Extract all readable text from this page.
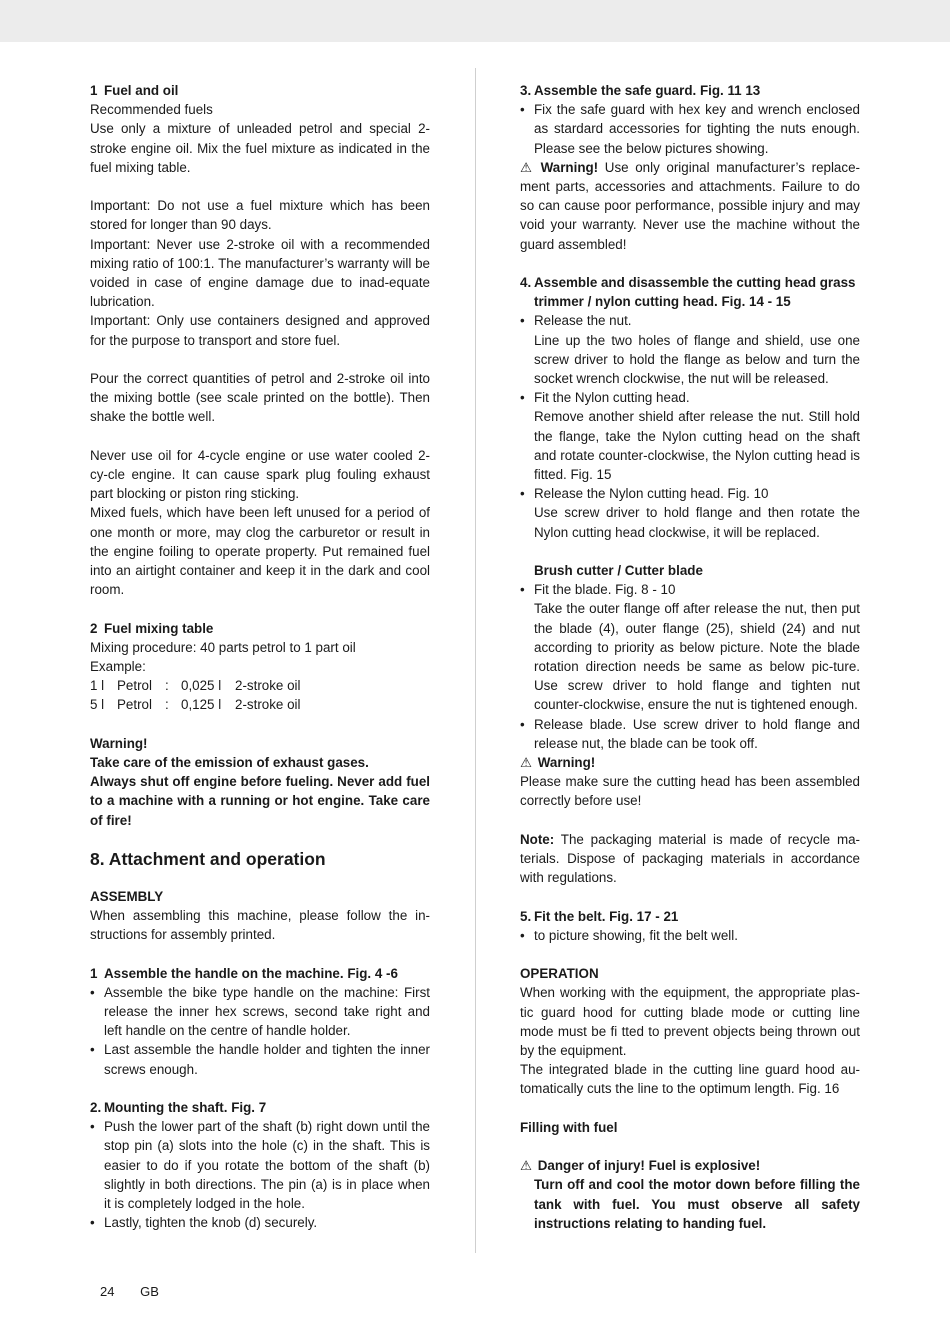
1 Fuel and oil

Recommended fuels

Use only a mixture of unleaded petrol and special 2-stroke engine oil. Mix the fuel mixture as indicated in the fuel mixing table.

Important: Do not use a fuel mixture which has been stored for longer than 90 days.

Important: Never use 2-stroke oil with a recommended mixing ratio of 100:1. The manufacturer’s warranty will be voided in case of engine damage due to inad-equate lubrication.

Important: Only use containers designed and approved for the purpose to transport and store fuel.

Pour the correct quantities of petrol and 2-stroke oil into the mixing bottle (see scale printed on the bottle). Then shake the bottle well.

Never use oil for 4-cycle engine or use water cooled 2-cy-cle engine. It can cause spark plug fouling exhaust part blocking or piston ring sticking.

Mixed fuels, which have been left unused for a period of one month or more, may clog the carburetor or result in the engine foiling to operate property. Put remained fuel into an airtight container and keep it in the dark and cool room.

2 Fuel mixing table

Mixing procedure: 40 parts petrol to 1 part oil

Example:

1 l Petrol : 0,025 l	2-stroke oil
5 l Petrol : 0,125 l	2-stroke oil

Warning!

Take care of the emission of exhaust gases.

Always shut off engine before fueling. Never add fuel to a machine with a running or hot engine. Take care of fire!

8. Attachment and operation

ASSEMBLY

When assembling this machine, please follow the in-structions for assembly printed.

1 Assemble the handle on the machine. Fig. 4 -6
• Assemble the bike type handle on the machine: First release the inner hex screws, second take right and left handle on the centre of handle holder.
• Last assemble the handle holder and tighten the inner screws enough.
2. Mounting the shaft. Fig. 7
• Push the lower part of the shaft (b) right down until the stop pin (a) slots into the hole (c) in the shaft. This is easier to do if you rotate the bottom of the shaft (b) slightly in both directions. The pin (a) is in place when it is completely lodged in the hole.
• Lastly, tighten the knob (d) securely.
3. Assemble the safe guard. Fig. 11 13
• Fix the safe guard with hex key and wrench enclosed as stardard accessories for tighting the nuts enough. Please see the below pictures showing.

⚠ Warning! Use only original manufacturer’s replace-ment parts, accessories and attachments. Failure to do so can cause poor performance, possible injury and may void your warranty. Never use the machine without the guard assembled!

4. Assemble and disassemble the cutting head grass trimmer / nylon cutting head. Fig. 14 - 15
• Release the nut.

Line up the two holes of flange and shield, use one screw driver to hold the flange as below and turn the socket wrench clockwise, the nut will be released.

• Fit the Nylon cutting head.

Remove another shield after release the nut. Still hold the flange, take the Nylon cutting head on the shaft and rotate counter-clockwise, the Nylon cutting head is fitted. Fig. 15

• Release the Nylon cutting head. Fig. 10

Use screw driver to hold flange and then rotate the Nylon cutting head clockwise, it will be replaced.

Brush cutter / Cutter blade

• Fit the blade. Fig. 8 - 10

Take the outer flange off after release the nut, then put the blade (4), outer flange (25), shield (24) and nut according to priority as below picture. Note the blade rotation direction needs be same as below pic-ture. Use screw driver to hold flange and tighten nut counter-clockwise, ensure the nut is tightened enough.

• Release blade. Use screw driver to hold flange and release nut, the blade can be took off.

⚠ Warning!

Please make sure the cutting head has been assembled correctly before use!

Note: The packaging material is made of recycle ma-terials. Dispose of packaging materials in accordance with regulations.

5. Fit the belt. Fig. 17 - 21
• to picture showing, fit the belt well.

OPERATION

When working with the equipment, the appropriate plas-tic guard hood for cutting blade mode or cutting line mode must be fi tted to prevent objects being thrown out by the equipment.

The integrated blade in the cutting line guard hood au-tomatically cuts the line to the optimum length. Fig. 16

Filling with fuel

⚠ Danger of injury! Fuel is explosive!

Turn off and cool the motor down before filling the tank with fuel. You must observe all safety instructions relating to handing fuel.

24 GB
